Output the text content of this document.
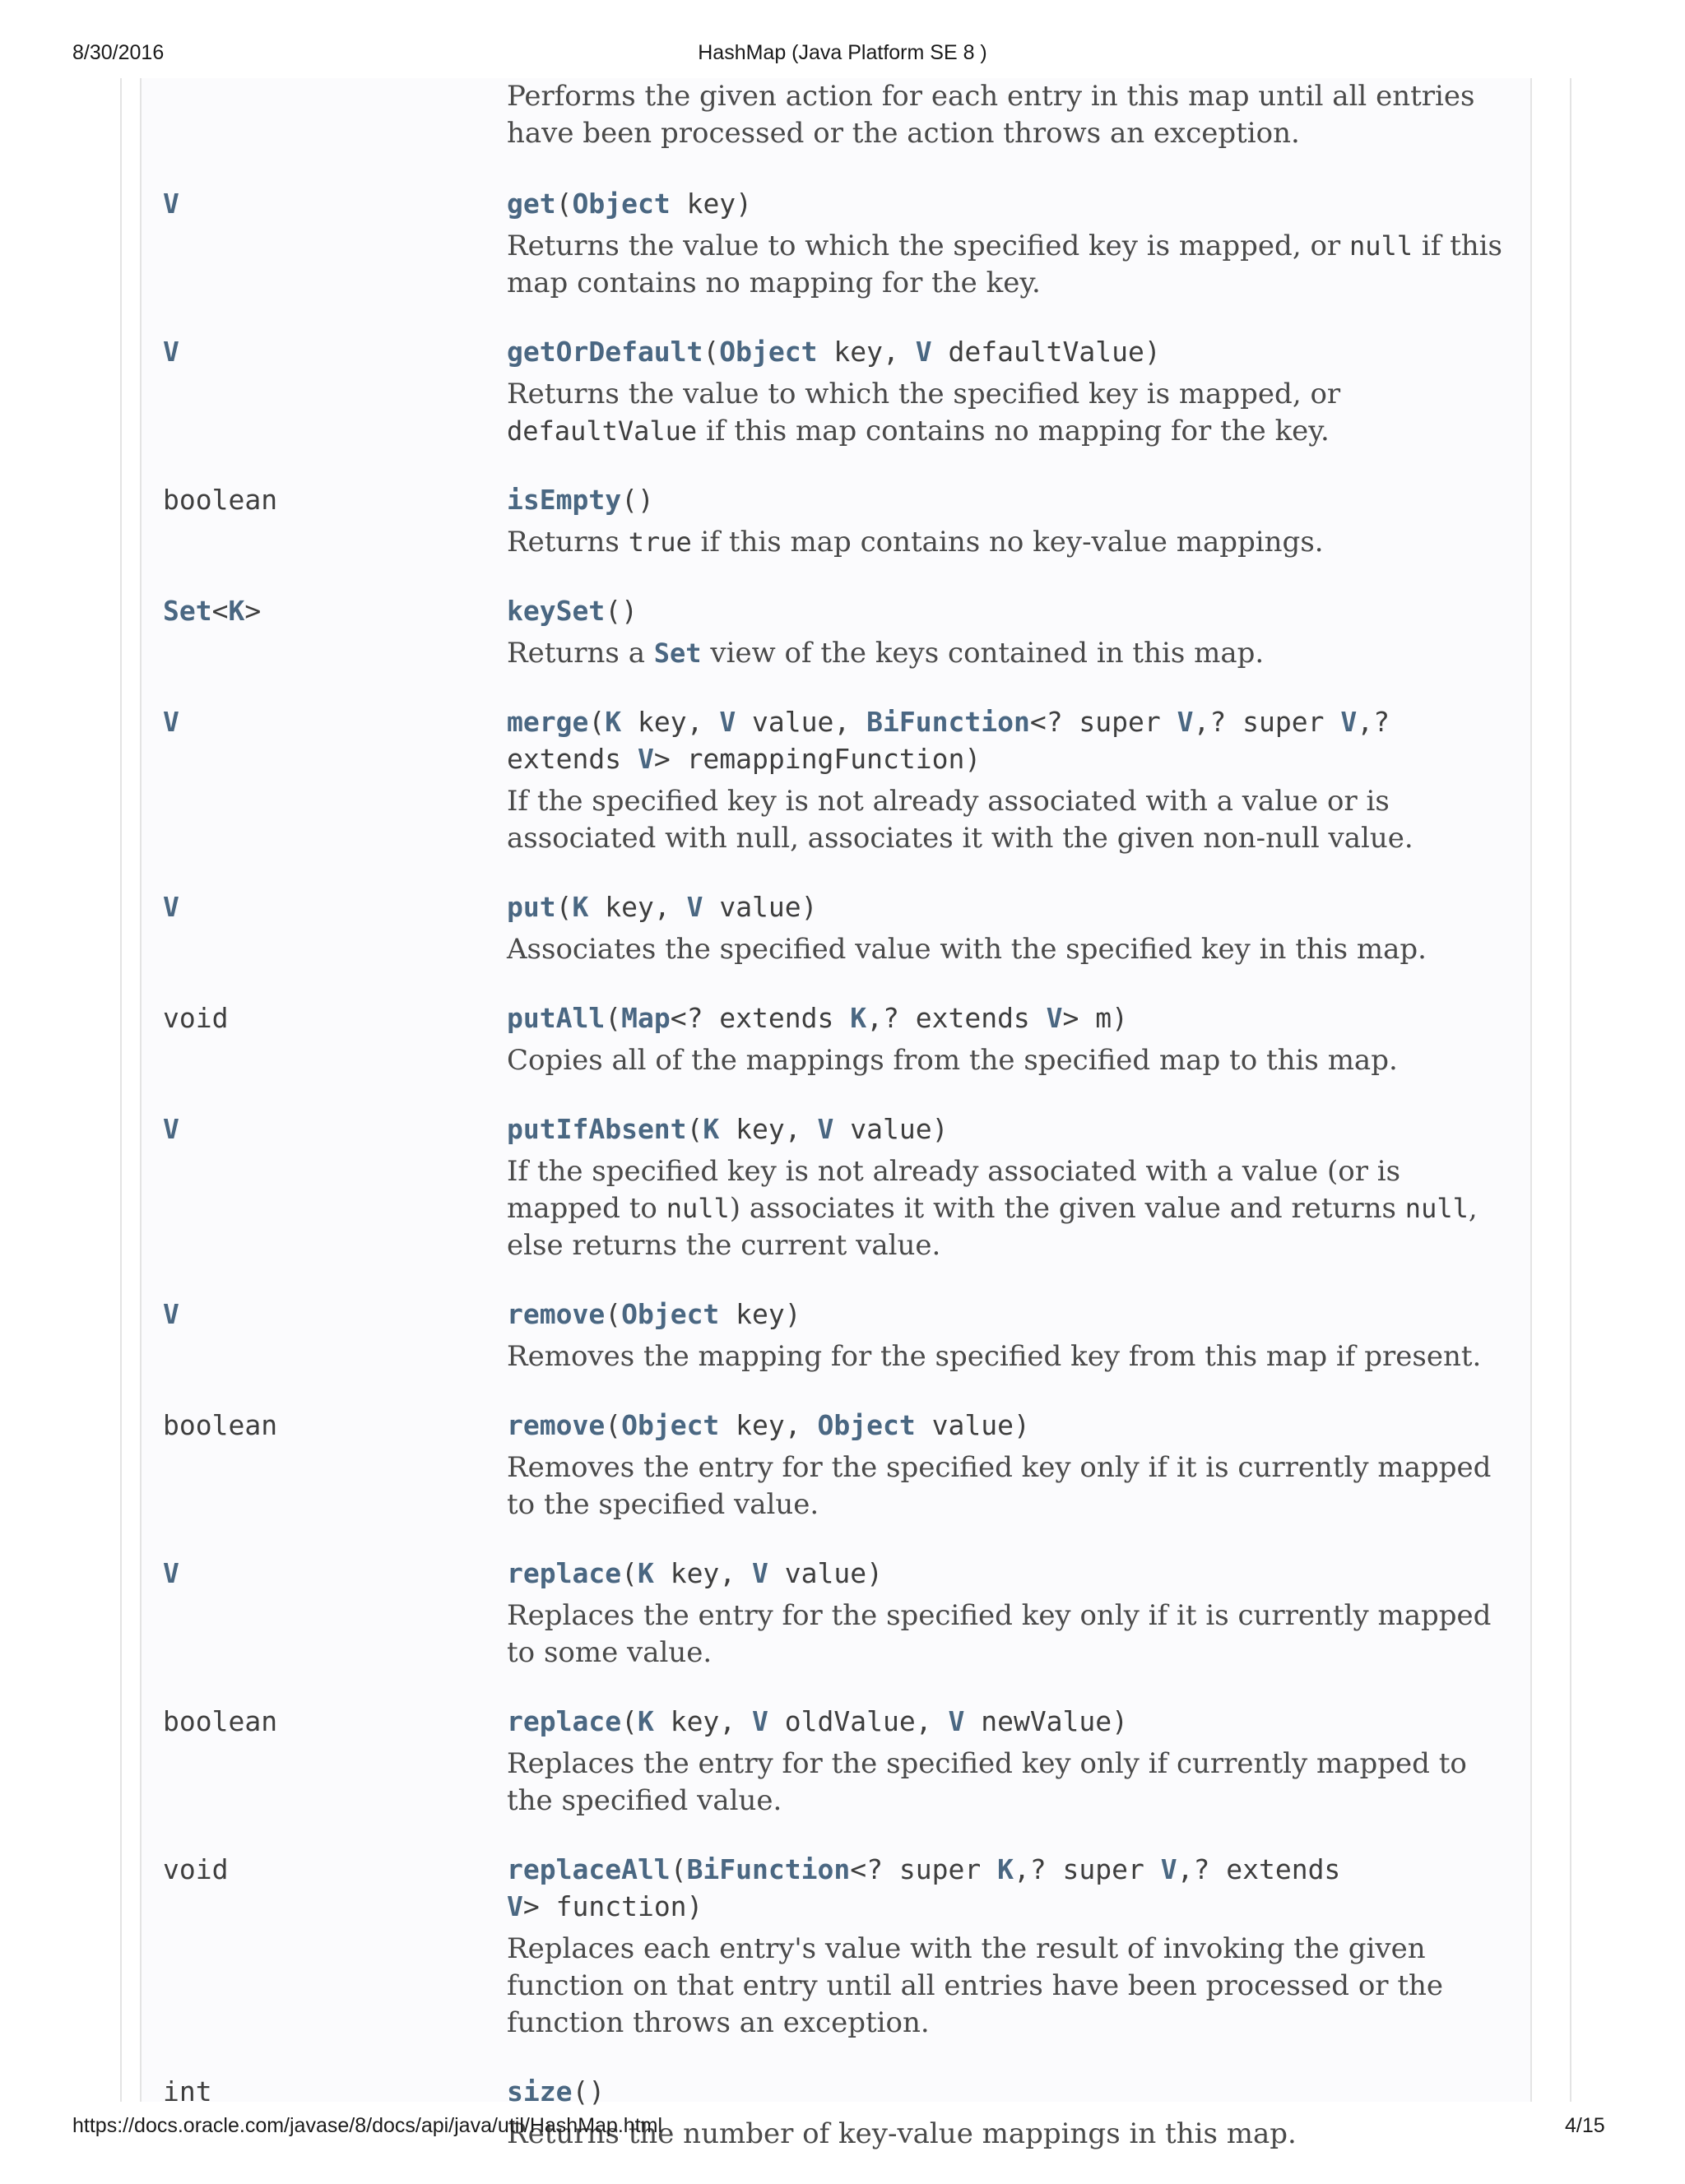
8/30/2016	HashMap (Java Platform SE 8 )
Performs the given action for each entry in this map until all entries have been processed or the action throws an exception.
V	get(Object key)
Returns the value to which the specified key is mapped, or null if this map contains no mapping for the key.
V	getOrDefault(Object key, V defaultValue)
Returns the value to which the specified key is mapped, or defaultValue if this map contains no mapping for the key.
boolean	isEmpty()
Returns true if this map contains no key-value mappings.
Set<K>	keySet()
Returns a Set view of the keys contained in this map.
V	merge(K key, V value, BiFunction<? super V,? super V,? extends V> remappingFunction)
If the specified key is not already associated with a value or is associated with null, associates it with the given non-null value.
V	put(K key, V value)
Associates the specified value with the specified key in this map.
void	putAll(Map<? extends K,? extends V> m)
Copies all of the mappings from the specified map to this map.
V	putIfAbsent(K key, V value)
If the specified key is not already associated with a value (or is mapped to null) associates it with the given value and returns null, else returns the current value.
V	remove(Object key)
Removes the mapping for the specified key from this map if present.
boolean	remove(Object key, Object value)
Removes the entry for the specified key only if it is currently mapped to the specified value.
V	replace(K key, V value)
Replaces the entry for the specified key only if it is currently mapped to some value.
boolean	replace(K key, V oldValue, V newValue)
Replaces the entry for the specified key only if currently mapped to the specified value.
void	replaceAll(BiFunction<? super K,? super V,? extends
V> function)
Replaces each entry's value with the result of invoking the given function on that entry until all entries have been processed or the function throws an exception.
int	size()
Returns the number of key-value mappings in this map.
https://docs.oracle.com/javase/8/docs/api/java/util/HashMap.html	4/15
